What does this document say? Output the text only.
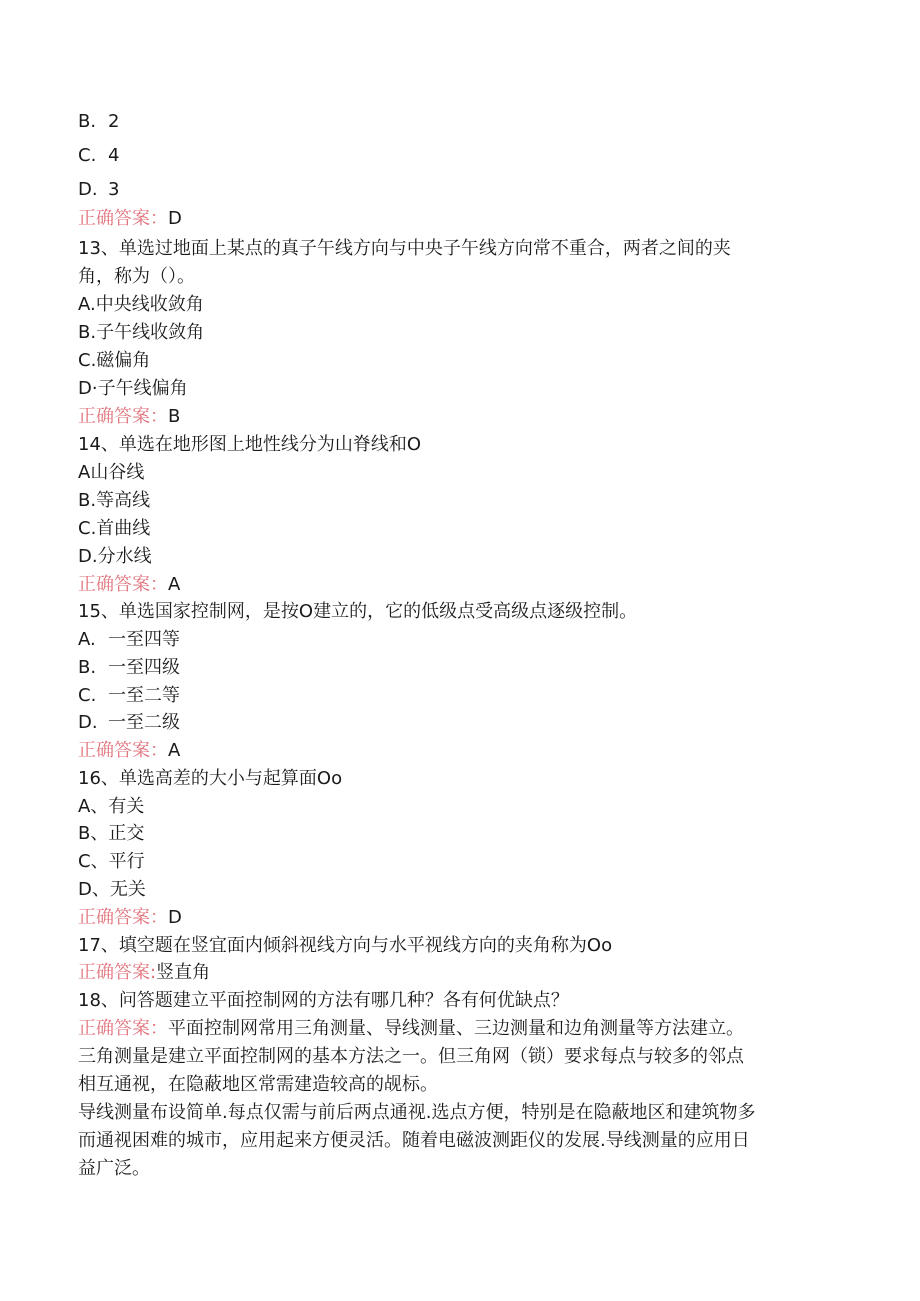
B. 2

C. 4

D. 3

正确答案：D

13、单选过地面上某点的真子午线方向与中央子午线方向常不重合，两者之间的夹

角，称为（）。

A.中央线收敛角

B.子午线收敛角

C.磁偏角

D·子午线偏角

正确答案：B

14、单选在地形图上地性线分为山脊线和O

A山谷线

B.等高线

C.首曲线

D.分水线

正确答案：A

15、单选国家控制网，是按O建立的，它的低级点受高级点逐级控制。

A. 一至四等

B. 一至四级

C. 一至二等

D. 一至二级

正确答案：A

16、单选高差的大小与起算面Oo

A、有关

B、正交

C、平行

D、无关

正确答案：D

17、填空题在竖宜面内倾斜视线方向与水平视线方向的夹角称为Oo

正确答案:竖直角

18、问答题建立平面控制网的方法有哪几种？各有何优缺点？

正确答案：平面控制网常用三角测量、导线测量、三边测量和边角测量等方法建立。

三角测量是建立平面控制网的基本方法之一。但三角网（锁）要求每点与较多的邻点

相互通视，在隐蔽地区常需建造较高的觇标。

导线测量布设简单.每点仅需与前后两点通视.选点方便，特别是在隐蔽地区和建筑物多

而通视困难的城市，应用起来方便灵活。随着电磁波测距仪的发展.导线测量的应用日

益广泛。
